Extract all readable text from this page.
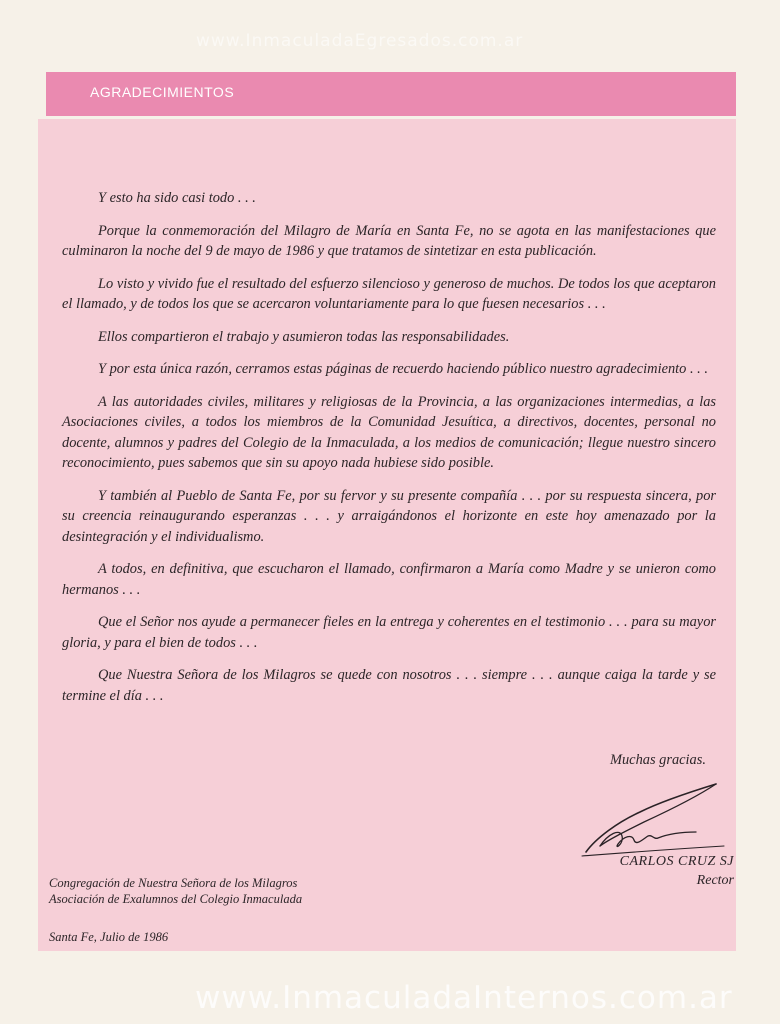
AGRADECIMIENTOS
www.InmaculadaEgresados.com.ar

Y esto ha sido casi todo . . .

Porque la conmemoración del Milagro de María en Santa Fe, no se agota en las manifestaciones que culminaron la noche del 9 de mayo de 1986 y que tratamos de sintetizar en esta publicación.

Lo visto y vivido fue el resultado del esfuerzo silencioso y generoso de muchos. De todos los que aceptaron el llamado, y de todos los que se acercaron voluntariamente para lo que fuesen necesarios . . .

Ellos compartieron el trabajo y asumieron todas las responsabilidades.

Y por esta única razón, cerramos estas páginas de recuerdo haciendo público nuestro agradecimiento . . .

A las autoridades civiles, militares y religiosas de la Provincia, a las organizaciones intermedias, a las Asociaciones civiles, a todos los miembros de la Comunidad Jesuítica, a directivos, docentes, personal no docente, alumnos y padres del Colegio de la Inmaculada, a los medios de comunicación; llegue nuestro sincero reconocimiento, pues sabemos que sin su apoyo nada hubiese sido posible.

Y también al Pueblo de Santa Fe, por su fervor y su presente compañía . . . por su respuesta sincera, por su creencia reinaugurando esperanzas . . . y arraigándonos el horizonte en este hoy amenazado por la desintegración y el individualismo.

A todos, en definitiva, que escucharon el llamado, confirmaron a María como Madre y se unieron como hermanos . . .

Que el Señor nos ayude a permanecer fieles en la entrega y coherentes en el testimonio . . . para su mayor gloria, y para el bien de todos . . .

Que Nuestra Señora de los Milagros se quede con nosotros . . . siempre . . . aunque caiga la tarde y se termine el día . . .

Muchas gracias.
CARLOS CRUZ SJ
Rector
Congregación de Nuestra Señora de los Milagros
Asociación de Exalumnos del Colegio Inmaculada
Santa Fe, Julio de 1986
www.InmaculadaInternos.com.ar
